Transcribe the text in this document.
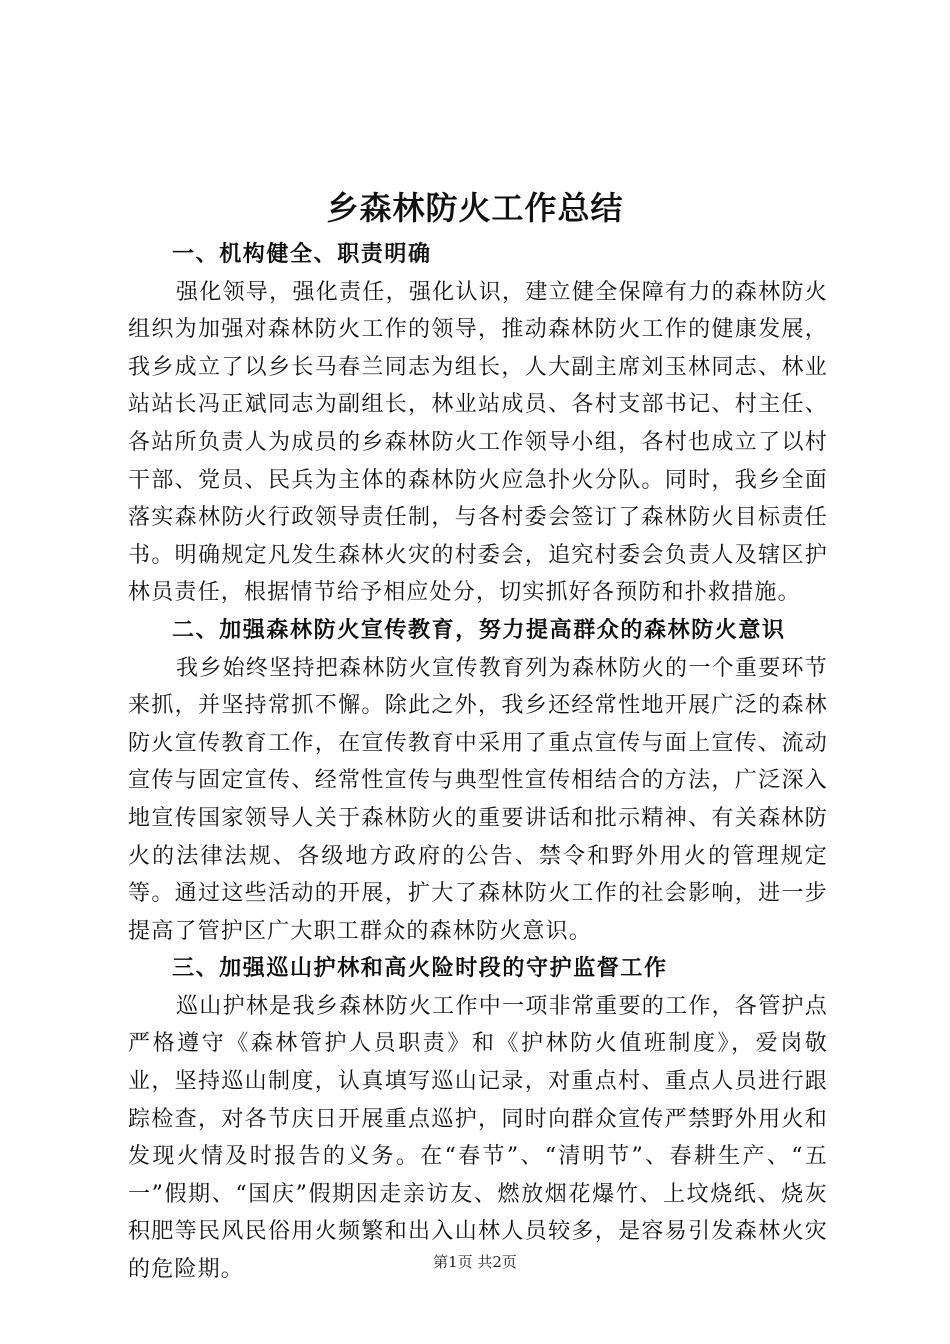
乡森林防火工作总结

一、机构健全、职责明确

强化领导，强化责任，强化认识，建立健全保障有力的森林防火组织为加强对森林防火工作的领导，推动森林防火工作的健康发展，我乡成立了以乡长马春兰同志为组长，人大副主席刘玉林同志、林业站站长冯正斌同志为副组长，林业站成员、各村支部书记、村主任、各站所负责人为成员的乡森林防火工作领导小组，各村也成立了以村干部、党员、民兵为主体的森林防火应急扑火分队。同时，我乡全面落实森林防火行政领导责任制，与各村委会签订了森林防火目标责任书。明确规定凡发生森林火灾的村委会，追究村委会负责人及辖区护林员责任，根据情节给予相应处分，切实抓好各预防和扑救措施。

二、加强森林防火宣传教育，努力提高群众的森林防火意识

我乡始终坚持把森林防火宣传教育列为森林防火的一个重要环节来抓，并坚持常抓不懈。除此之外，我乡还经常性地开展广泛的森林防火宣传教育工作，在宣传教育中采用了重点宣传与面上宣传、流动宣传与固定宣传、经常性宣传与典型性宣传相结合的方法，广泛深入地宣传国家领导人关于森林防火的重要讲话和批示精神、有关森林防火的法律法规、各级地方政府的公告、禁令和野外用火的管理规定等。通过这些活动的开展，扩大了森林防火工作的社会影响，进一步提高了管护区广大职工群众的森林防火意识。

三、加强巡山护林和高火险时段的守护监督工作

巡山护林是我乡森林防火工作中一项非常重要的工作，各管护点严格遵守《森林管护人员职责》和《护林防火值班制度》，爱岗敬业，坚持巡山制度，认真填写巡山记录，对重点村、重点人员进行跟踪检查，对各节庆日开展重点巡护，同时向群众宣传严禁野外用火和发现火情及时报告的义务。在“春节”、“清明节”、春耕生产、“五一”假期、“国庆”假期因走亲访友、燃放烟花爆竹、上坟烧纸、烧灰积肥等民风民俗用火频繁和出入山林人员较多，是容易引发森林火灾的危险期。	第1页 共2页
